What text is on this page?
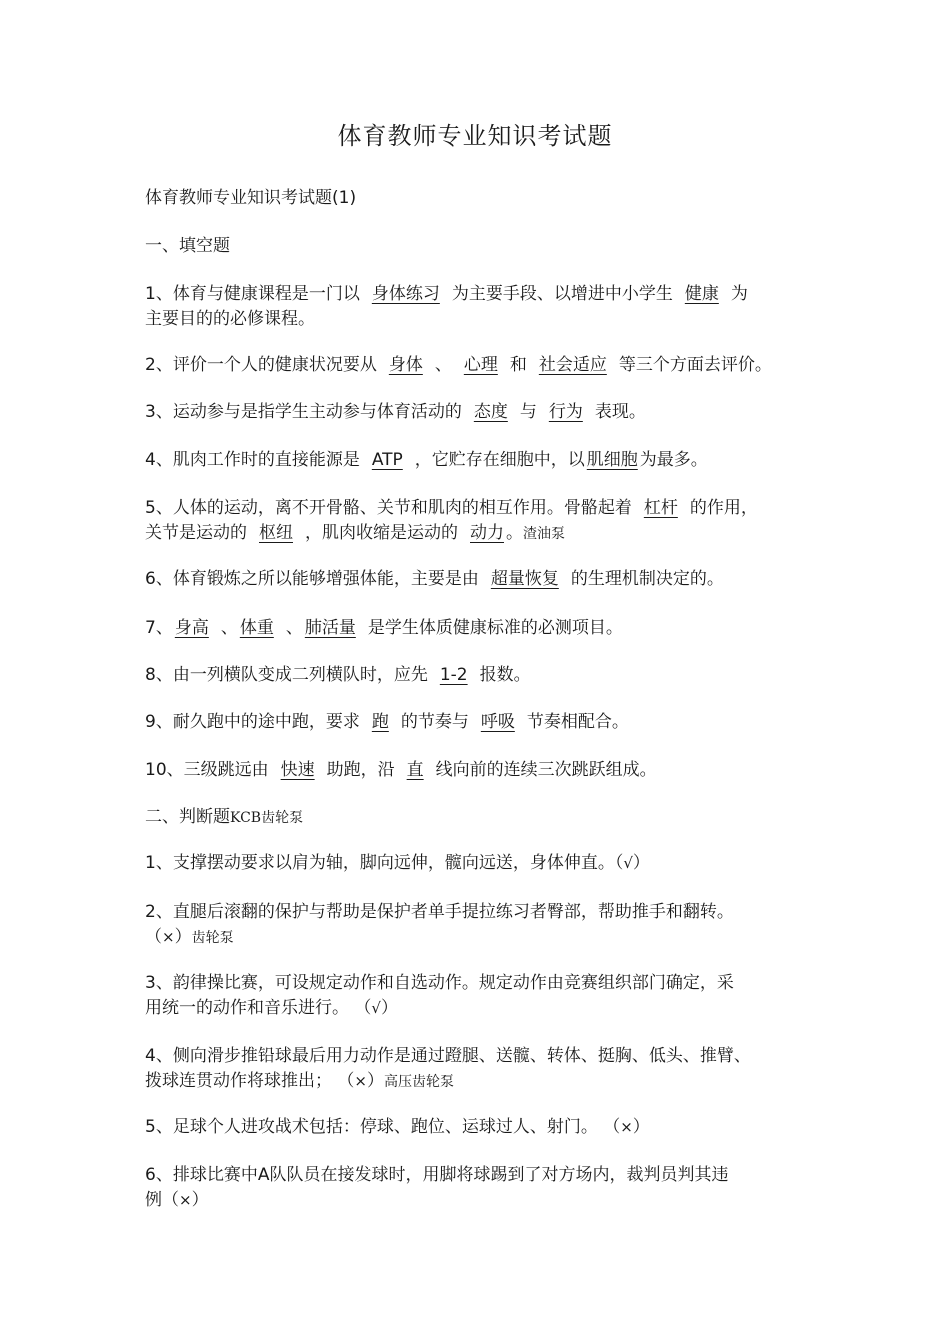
体育教师专业知识考试题
体育教师专业知识考试题(1)
一、填空题
1、体育与健康课程是一门以 身体练习 为主要手段、以增进中小学生 健康 为
主要目的的必修课程。
2、评价一个人的健康状况要从 身体 、 心理 和 社会适应 等三个方面去评价。
3、运动参与是指学生主动参与体育活动的 态度 与 行为 表现。
4、肌肉工作时的直接能源是 ATP ，它贮存在细胞中，以 肌细胞 为最多。
5、人体的运动，离不开骨骼、关节和肌肉的相互作用。骨骼起着 杠杆 的作用，
关节是运动的 枢纽 ，肌肉收缩是运动的 动力 。渣油泵
6、体育锻炼之所以能够增强体能，主要是由 超量恢复 的生理机制决定的。
7、 身高 、 体重 、 肺活量 是学生体质健康标准的必测项目。
8、由一列横队变成二列横队时，应先 1-2 报数。
9、耐久跑中的途中跑，要求 跑 的节奏与 呼吸 节奏相配合。
10、三级跳远由 快速 助跑，沿 直 线向前的连续三次跳跃组成。
二、判断题KCB齿轮泵
1、支撑摆动要求以肩为轴，脚向远伸，髋向远送，身体伸直。（√）
2、直腿后滚翻的保护与帮助是保护者单手提拉练习者臀部，帮助推手和翻转。
（×）齿轮泵
3、韵律操比赛，可设规定动作和自选动作。规定动作由竞赛组织部门确定，采
用统一的动作和音乐进行。 （√）
4、侧向滑步推铅球最后用力动作是通过蹬腿、送髋、转体、挺胸、低头、推臂、
拨球连贯动作将球推出； （×）高压齿轮泵
5、足球个人进攻战术包括：停球、跑位、运球过人、射门。 （×）
6、排球比赛中A队队员在接发球时，用脚将球踢到了对方场内，裁判员判其违
例（×）
